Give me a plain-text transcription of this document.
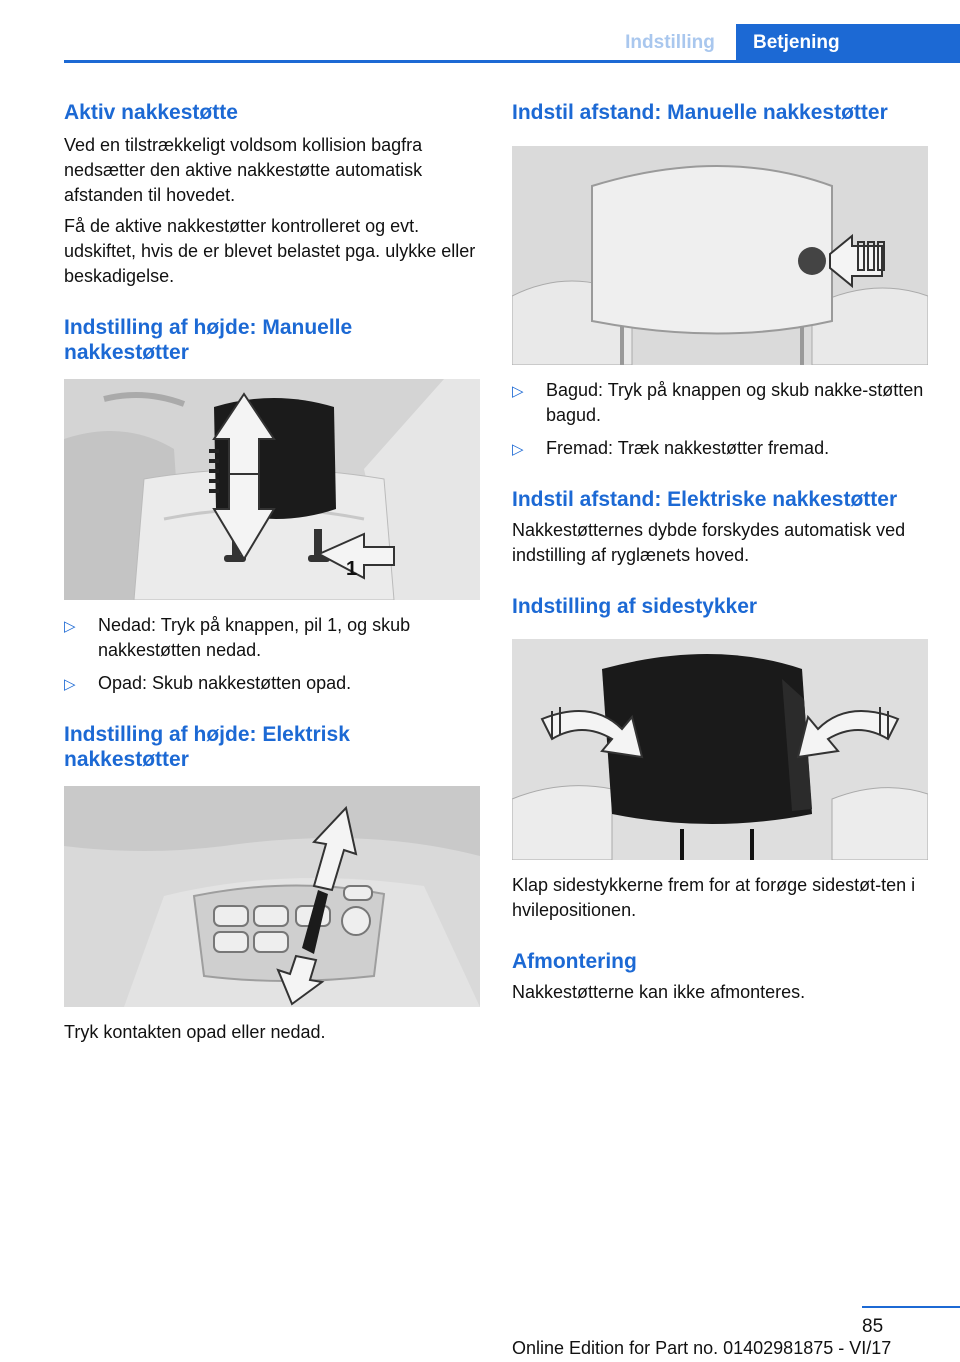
Indstilling	Betjening
Aktiv nakkestøtte

Ved en tilstrækkeligt voldsom kollision bagfra nedsætter den aktive nakkestøtte automatisk afstanden til hovedet.

Få de aktive nakkestøtter kontrolleret og evt. udskiftet, hvis de er blevet belastet pga. ulykke eller beskadigelse.

Indstilling af højde: Manuelle nakkestøtter
1
▷ Nedad: Tryk på knappen, pil 1, og skub nakkestøtten nedad.
▷ Opad: Skub nakkestøtten opad.
Indstilling af højde: Elektrisk nakkestøtter

Tryk kontakten opad eller nedad.

Indstil afstand: Manuelle nakkestøtter
▷ Bagud: Tryk på knappen og skub nakke-støtten bagud.
▷ Fremad: Træk nakkestøtter fremad.
Indstil afstand: Elektriske nakkestøtter

Nakkestøtternes dybde forskydes automatisk ved indstilling af ryglænets hoved.

Indstilling af sidestykker

Klap sidestykkerne frem for at forøge sidestøt-ten i hvilepositionen.

Afmontering

Nakkestøtterne kan ikke afmonteres.

85
Online Edition for Part no. 01402981875 - VI/17
